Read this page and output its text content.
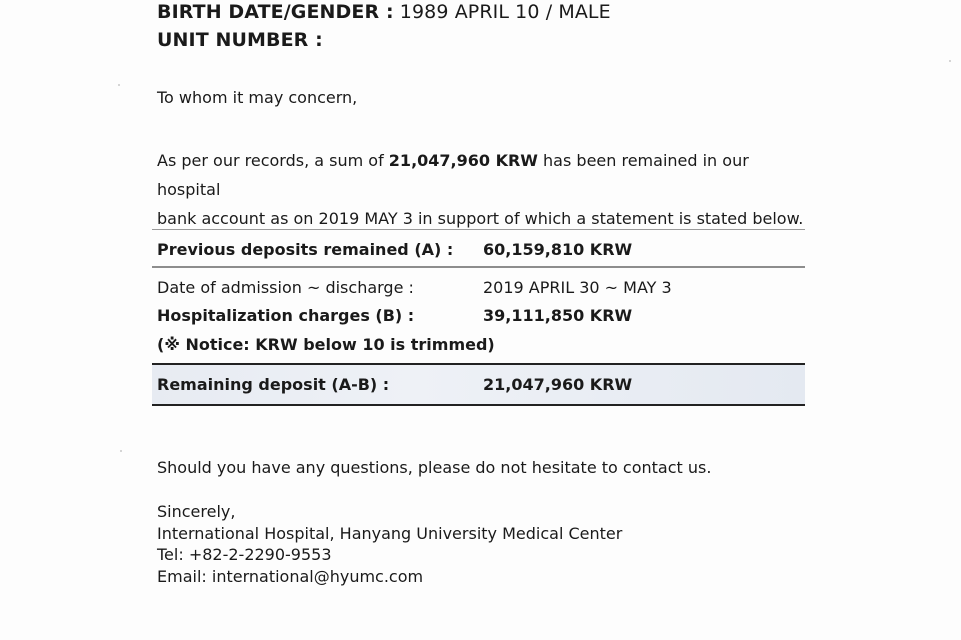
BIRTH DATE/GENDER : 1989 APRIL 10 / MALE
UNIT NUMBER :
To whom it may concern,
As per our records, a sum of 21,047,960 KRW has been remained in our hospital
bank account as on 2019 MAY 3 in support of which a statement is stated below.
Previous deposits remained (A) : 60,159,810 KRW
Date of admission ~ discharge :	2019 APRIL 30 ~ MAY 3
Hospitalization charges (B) :	39,111,850 KRW
(※ Notice: KRW below 10 is trimmed)
Remaining deposit (A-B) :	21,047,960 KRW
Should you have any questions, please do not hesitate to contact us.
Sincerely,
International Hospital, Hanyang University Medical Center
Tel: +82-2-2290-9553
Email: international@hyumc.com
